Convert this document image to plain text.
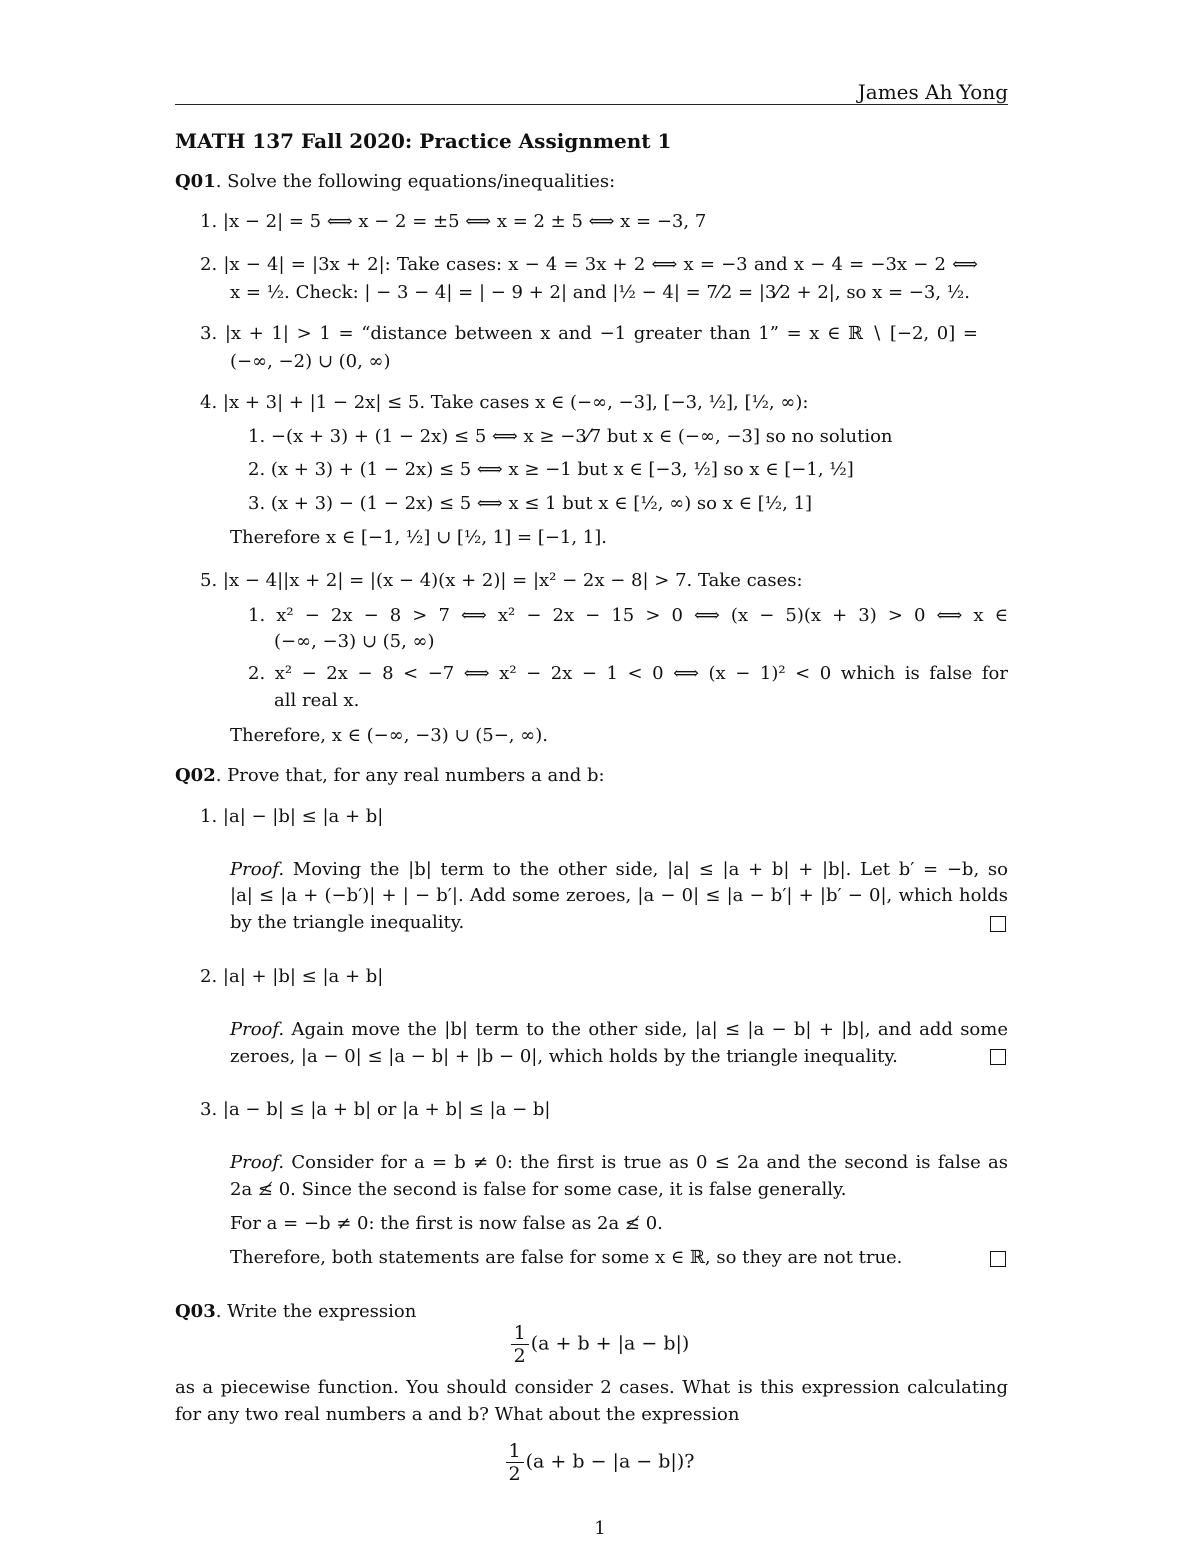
James Ah Yong
MATH 137 Fall 2020: Practice Assignment 1
Q01. Solve the following equations/inequalities:
1. |x − 2| = 5 ⟺ x − 2 = ±5 ⟺ x = 2 ± 5 ⟺ x = −3, 7
2. |x − 4| = |3x + 2|: Take cases: x − 4 = 3x + 2 ⟺ x = −3 and x − 4 = −3x − 2 ⟺
x = ½. Check: | − 3 − 4| = | − 9 + 2| and |½ − 4| = 7⁄2 = |3⁄2 + 2|, so x = −3, ½.
3. |x + 1| > 1 = “distance between x and −1 greater than 1” = x ∈ ℝ ∖ [−2, 0] =
(−∞, −2) ∪ (0, ∞)
4. |x + 3| + |1 − 2x| ≤ 5. Take cases x ∈ (−∞, −3], [−3, ½], [½, ∞):
1. −(x + 3) + (1 − 2x) ≤ 5 ⟺ x ≥ −3⁄7 but x ∈ (−∞, −3] so no solution
2. (x + 3) + (1 − 2x) ≤ 5 ⟺ x ≥ −1 but x ∈ [−3, ½] so x ∈ [−1, ½]
3. (x + 3) − (1 − 2x) ≤ 5 ⟺ x ≤ 1 but x ∈ [½, ∞) so x ∈ [½, 1]
Therefore x ∈ [−1, ½] ∪ [½, 1] = [−1, 1].
5. |x − 4||x + 2| = |(x − 4)(x + 2)| = |x² − 2x − 8| > 7. Take cases:
1. x² − 2x − 8 > 7 ⟺ x² − 2x − 15 > 0 ⟺ (x − 5)(x + 3) > 0 ⟺ x ∈
(−∞, −3) ∪ (5, ∞)
2. x² − 2x − 8 < −7 ⟺ x² − 2x − 1 < 0 ⟺ (x − 1)² < 0 which is false for
all real x.
Therefore, x ∈ (−∞, −3) ∪ (5−, ∞).
Q02. Prove that, for any real numbers a and b:
1. |a| − |b| ≤ |a + b|
Proof. Moving the |b| term to the other side, |a| ≤ |a + b| + |b|. Let b′ = −b, so
|a| ≤ |a + (−b′)| + | − b′|. Add some zeroes, |a − 0| ≤ |a − b′| + |b′ − 0|, which holds
by the triangle inequality.
2. |a| + |b| ≤ |a + b|
Proof. Again move the |b| term to the other side, |a| ≤ |a − b| + |b|, and add some
zeroes, |a − 0| ≤ |a − b| + |b − 0|, which holds by the triangle inequality.
3. |a − b| ≤ |a + b| or |a + b| ≤ |a − b|
Proof. Consider for a = b ≠ 0: the first is true as 0 ≤ 2a and the second is false as
2a ≰ 0. Since the second is false for some case, it is false generally.
For a = −b ≠ 0: the first is now false as 2a ≰ 0.
Therefore, both statements are false for some x ∈ ℝ, so they are not true.
Q03. Write the expression
$\frac{1}{2} (a + b + |a - b|)$
as a piecewise function. You should consider 2 cases. What is this expression calculating
for any two real numbers a and b? What about the expression
$\frac{1}{2} (a + b - |a - b|)$?
1
